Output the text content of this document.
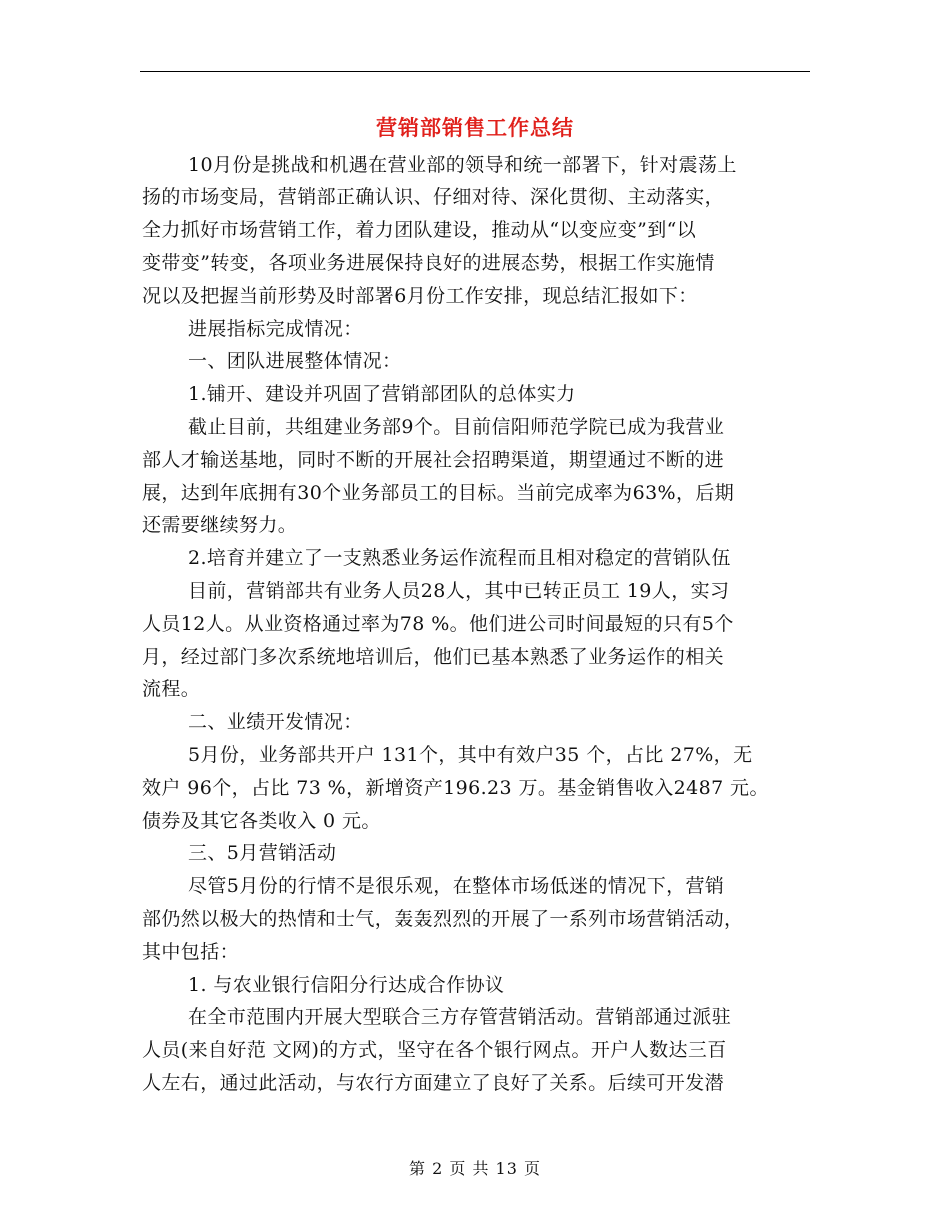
营销部销售工作总结
10月份是挑战和机遇在营业部的领导和统一部署下，针对震荡上
扬的市场变局，营销部正确认识、仔细对待、深化贯彻、主动落实，
全力抓好市场营销工作，着力团队建设，推动从“以变应变”到“以
变带变”转变，各项业务进展保持良好的进展态势，根据工作实施情
况以及把握当前形势及时部署6月份工作安排，现总结汇报如下：
进展指标完成情况：
一、团队进展整体情况：
1.铺开、建设并巩固了营销部团队的总体实力
截止目前，共组建业务部9个。目前信阳师范学院已成为我营业
部人才输送基地，同时不断的开展社会招聘渠道，期望通过不断的进
展，达到年底拥有30个业务部员工的目标。当前完成率为63%，后期
还需要继续努力。
2.培育并建立了一支熟悉业务运作流程而且相对稳定的营销队伍
目前，营销部共有业务人员28人，其中已转正员工 19人，实习
人员12人。从业资格通过率为78 %。他们进公司时间最短的只有5个
月，经过部门多次系统地培训后，他们已基本熟悉了业务运作的相关
流程。
二、业绩开发情况：
5月份，业务部共开户 131个，其中有效户35 个，占比 27%，无
效户 96个，占比 73 %，新增资产196.23 万。基金销售收入2487 元。
债券及其它各类收入 0 元。
三、5月营销活动
尽管5月份的行情不是很乐观，在整体市场低迷的情况下，营销
部仍然以极大的热情和士气，轰轰烈烈的开展了一系列市场营销活动，
其中包括：
1. 与农业银行信阳分行达成合作协议
在全市范围内开展大型联合三方存管营销活动。营销部通过派驻
人员(来自好范 文网)的方式，坚守在各个银行网点。开户人数达三百
人左右，通过此活动，与农行方面建立了良好了关系。后续可开发潜
第 2 页 共 13 页
